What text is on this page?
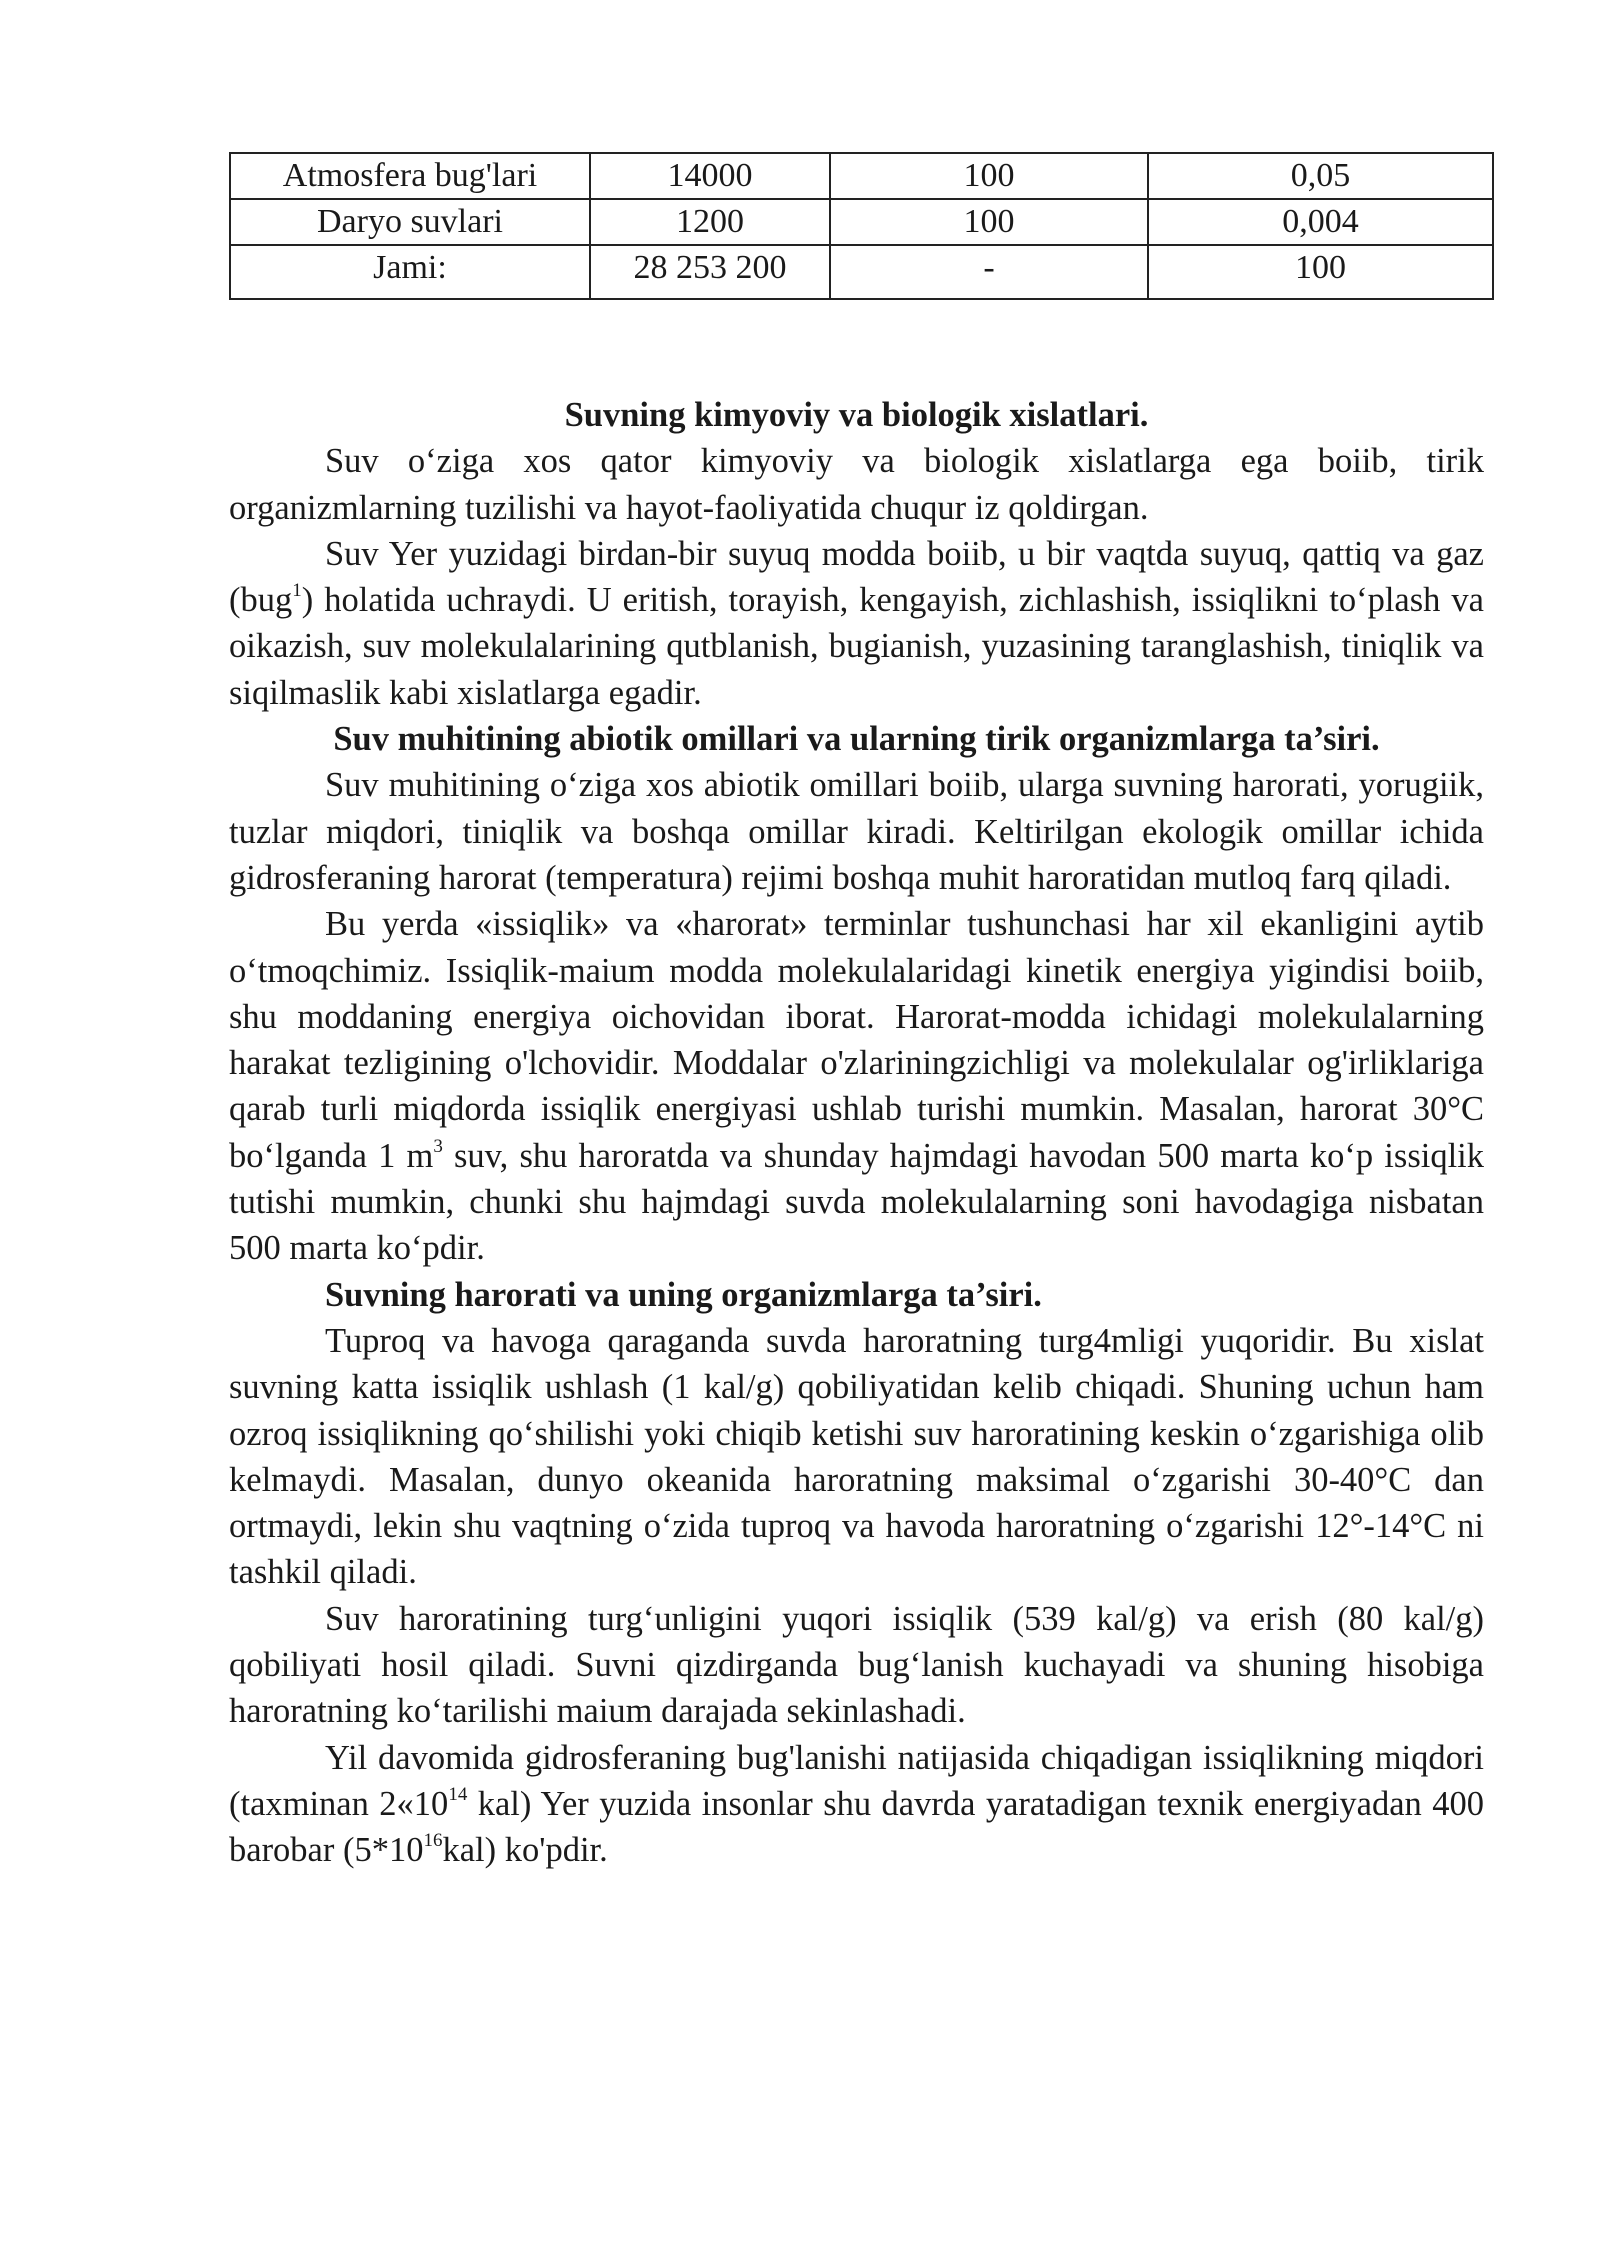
Atmosfera bug'lari	14000	100	0,05
Daryo suvlari	1200	100	0,004
Jami:	28 253 200	-	100

Suvning kimyoviy va biologik xislatlari.

Suv o‘ziga xos qator kimyoviy va biologik xislatlarga ega boiib, tirik organizmlarning tuzilishi va hayot-faoliyatida chuqur iz qoldirgan.

Suv Yer yuzidagi birdan-bir suyuq modda boiib, u bir vaqtda suyuq, qattiq va gaz (bug$^1$) holatida uchraydi. U eritish, torayish, kengayish, zichlashish, issiqlikni to‘plash va oikazish, suv molekulalarining qutblanish, bugianish, yuzasining taranglashish, tiniqlik va siqilmaslik kabi xislatlarga egadir.

Suv muhitining abiotik omillari va ularning tirik organizmlarga ta’siri.

Suv muhitining o‘ziga xos abiotik omillari boiib, ularga suvning harorati, yorugiik, tuzlar miqdori, tiniqlik va boshqa omillar kiradi. Keltirilgan ekologik omillar ichida gidrosferaning harorat (temperatura) rejimi boshqa muhit haroratidan mutloq farq qiladi.

Bu yerda «issiqlik» va «harorat» terminlar tushunchasi har xil ekanligini aytib o‘tmoqchimiz. Issiqlik-maium modda molekulalaridagi kinetik energiya yigindisi boiib, shu moddaning energiya oichovidan iborat. Harorat-modda ichidagi molekulalarning harakat tezligining o'lchovidir. Moddalar o'zlariningzichligi va molekulalar og'irliklariga qarab turli miqdorda issiqlik energiyasi ushlab turishi mumkin. Masalan, harorat 30°C bo‘lganda 1 $m^3$ suv, shu haroratda va shunday hajmdagi havodan 500 marta ko‘p issiqlik tutishi mumkin, chunki shu hajmdagi suvda molekulalarning soni havodagiga nisbatan 500 marta ko‘pdir.

Suvning harorati va uning organizmlarga ta’siri.

Tuproq va havoga qaraganda suvda haroratning turg4mligi yuqoridir. Bu xislat suvning katta issiqlik ushlash (1 kal/g) qobiliyatidan kelib chiqadi. Shuning uchun ham ozroq issiqlikning qo‘shilishi yoki chiqib ketishi suv haroratining keskin o‘zgarishiga olib kelmaydi. Masalan, dunyo okeanida haroratning maksimal o‘zgarishi 30-40°C dan ortmaydi, lekin shu vaqtning o‘zida tuproq va havoda haroratning o‘zgarishi 12°-14°C ni tashkil qiladi.

Suv haroratining turg‘unligini yuqori issiqlik (539 kal/g) va erish (80 kal/g) qobiliyati hosil qiladi. Suvni qizdirganda bug‘lanish kuchayadi va shuning hisobiga haroratning ko‘tarilishi maium darajada sekinlashadi.

Yil davomida gidrosferaning bug'lanishi natijasida chiqadigan issiqlikning miqdori (taxminan $2«10^{14}$ kal) Yer yuzida insonlar shu davrda yaratadigan texnik energiyadan 400 barobar $(5*10^{16}kal)$ ko'pdir.
